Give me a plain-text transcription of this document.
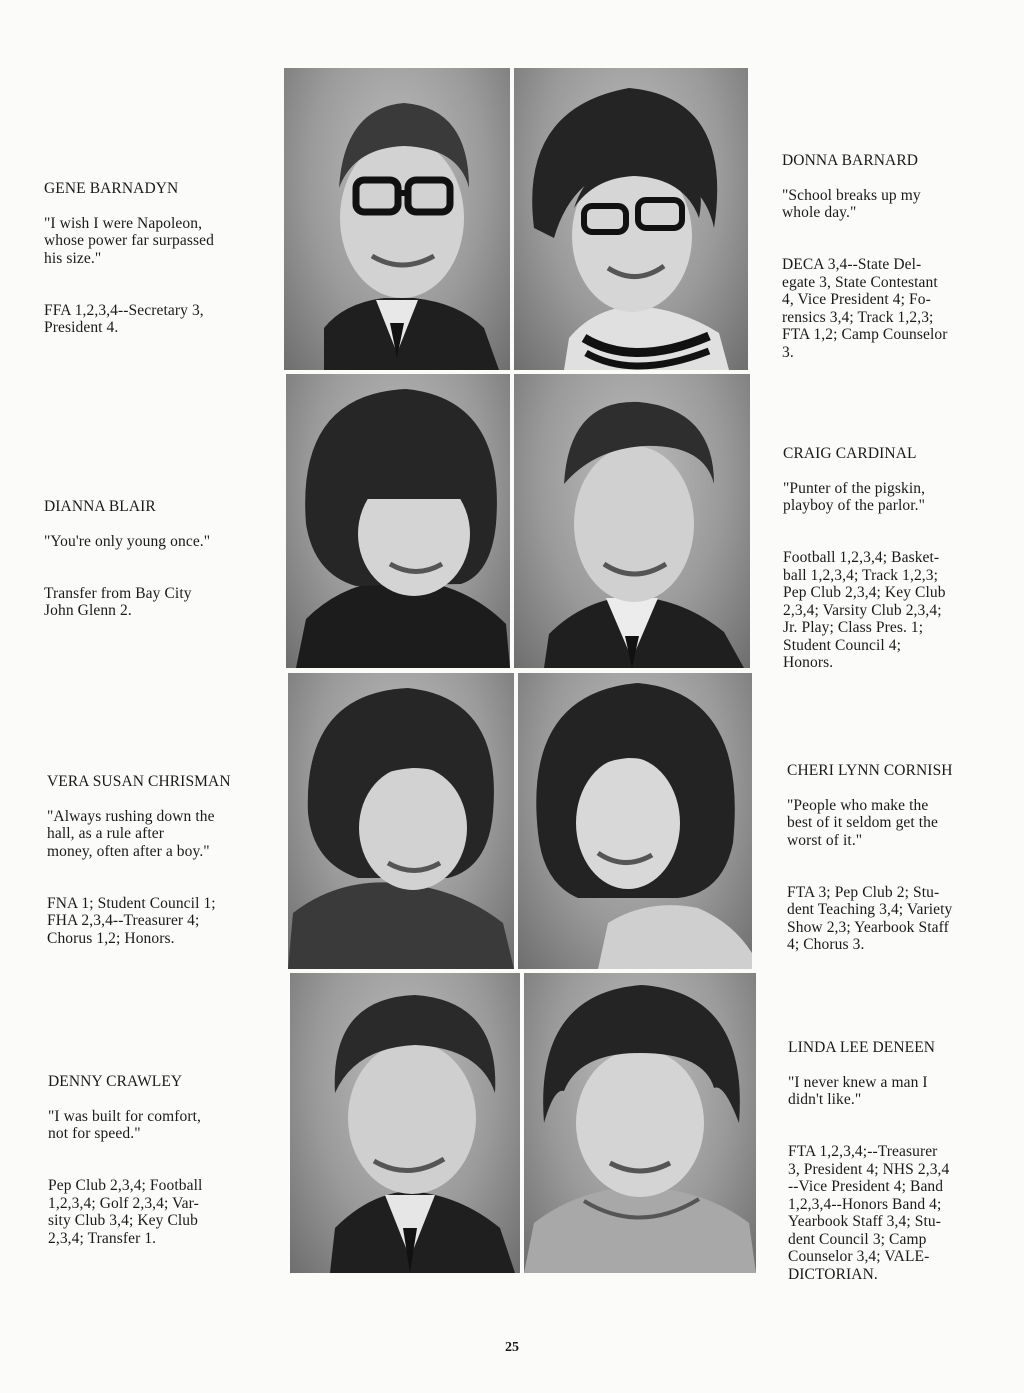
GENE BARNADYN

"I wish I were Napoleon,
whose power far surpassed
his size."

FFA 1,2,3,4--Secretary 3,
President 4.

DONNA BARNARD

"School breaks up my
whole day."

DECA 3,4--State Del-
egate 3, State Contestant
4, Vice President 4; Fo-
rensics 3,4; Track 1,2,3;
FTA 1,2; Camp Counselor
3.

DIANNA BLAIR

"You're only young once."

Transfer from Bay City
John Glenn 2.

CRAIG CARDINAL

"Punter of the pigskin,
playboy of the parlor."

Football 1,2,3,4; Basket-
ball 1,2,3,4; Track 1,2,3;
Pep Club 2,3,4; Key Club
2,3,4; Varsity Club 2,3,4;
Jr. Play; Class Pres. 1;
Student Council 4;
Honors.

VERA SUSAN CHRISMAN

"Always rushing down the
hall, as a rule after
money, often after a boy."

FNA 1; Student Council 1;
FHA 2,3,4--Treasurer 4;
Chorus 1,2; Honors.

CHERI LYNN CORNISH

"People who make the
best of it seldom get the
worst of it."

FTA 3; Pep Club 2; Stu-
dent Teaching 3,4; Variety
Show 2,3; Yearbook Staff
4; Chorus 3.

DENNY CRAWLEY

"I was built for comfort,
not for speed."

Pep Club 2,3,4; Football
1,2,3,4; Golf 2,3,4; Var-
sity Club 3,4; Key Club
2,3,4; Transfer 1.

LINDA LEE DENEEN

"I never knew a man I
didn't like."

FTA 1,2,3,4;--Treasurer
3, President 4; NHS 2,3,4
--Vice President 4; Band
1,2,3,4--Honors Band 4;
Yearbook Staff 3,4; Stu-
dent Council 3; Camp
Counselor 3,4; VALE-
DICTORIAN.

25
